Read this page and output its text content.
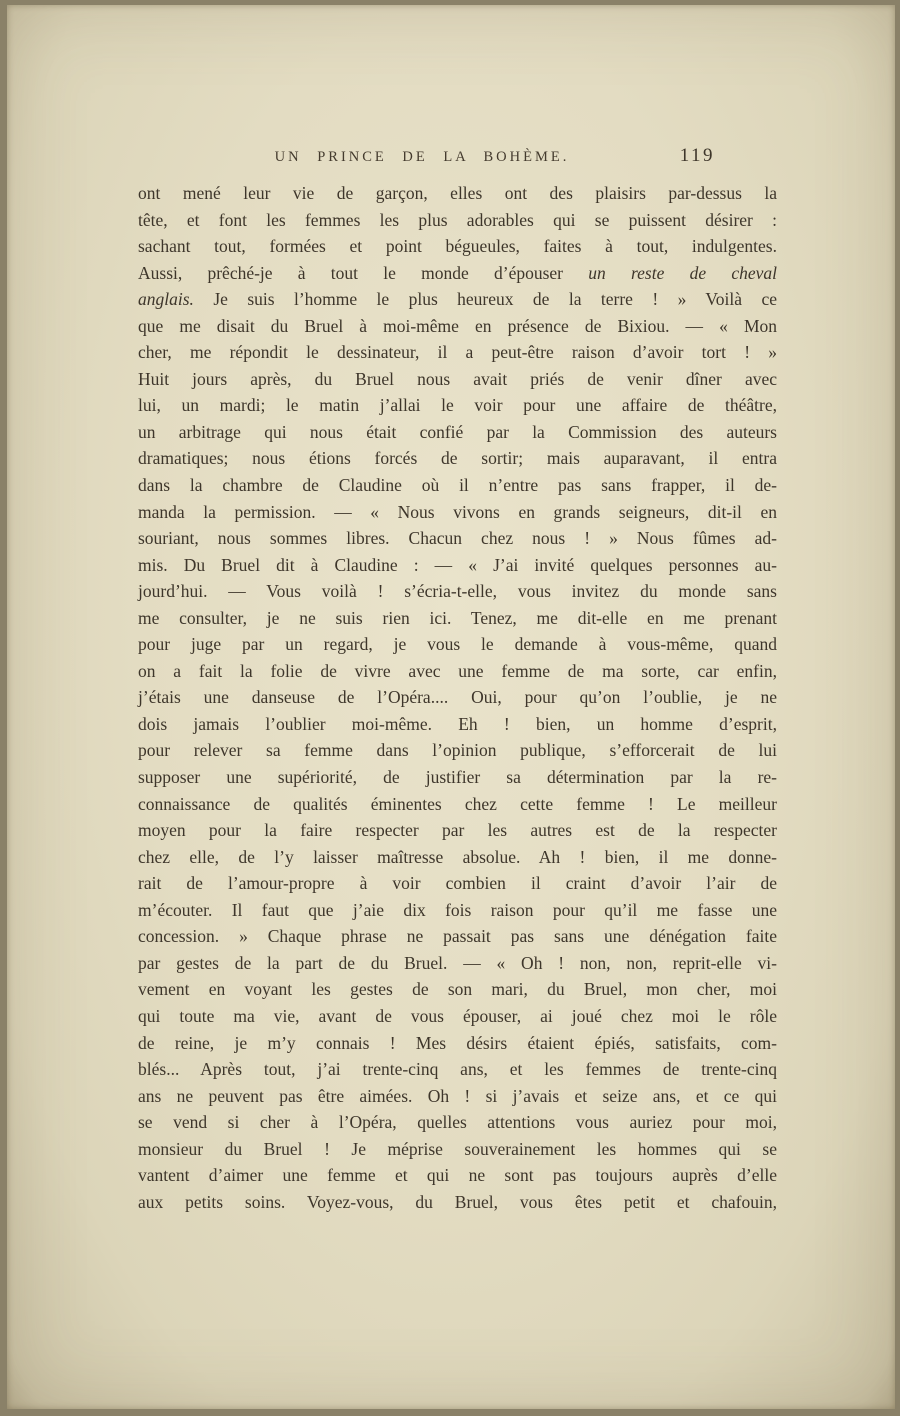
UN PRINCE DE LA BOHÈME.	119
ont mené leur vie de garçon, elles ont des plaisirs par-dessus la
tête, et font les femmes les plus adorables qui se puissent désirer :
sachant tout, formées et point bégueules, faites à tout, indulgentes.
Aussi, prêché-je à tout le monde d’épouser un reste de cheval
anglais. Je suis l’homme le plus heureux de la terre ! » Voilà ce
que me disait du Bruel à moi-même en présence de Bixiou. — « Mon
cher, me répondit le dessinateur, il a peut-être raison d’avoir tort ! »
Huit jours après, du Bruel nous avait priés de venir dîner avec
lui, un mardi; le matin j’allai le voir pour une affaire de théâtre,
un arbitrage qui nous était confié par la Commission des auteurs
dramatiques; nous étions forcés de sortir; mais auparavant, il entra
dans la chambre de Claudine où il n’entre pas sans frapper, il de-
manda la permission. — « Nous vivons en grands seigneurs, dit-il en
souriant, nous sommes libres. Chacun chez nous ! » Nous fûmes ad-
mis. Du Bruel dit à Claudine : — « J’ai invité quelques personnes au-
jourd’hui. — Vous voilà ! s’écria-t-elle, vous invitez du monde sans
me consulter, je ne suis rien ici. Tenez, me dit-elle en me prenant
pour juge par un regard, je vous le demande à vous-même, quand
on a fait la folie de vivre avec une femme de ma sorte, car enfin,
j’étais une danseuse de l’Opéra.... Oui, pour qu’on l’oublie, je ne
dois jamais l’oublier moi-même. Eh ! bien, un homme d’esprit,
pour relever sa femme dans l’opinion publique, s’efforcerait de lui
supposer une supériorité, de justifier sa détermination par la re-
connaissance de qualités éminentes chez cette femme ! Le meilleur
moyen pour la faire respecter par les autres est de la respecter
chez elle, de l’y laisser maîtresse absolue. Ah ! bien, il me donne-
rait de l’amour-propre à voir combien il craint d’avoir l’air de
m’écouter. Il faut que j’aie dix fois raison pour qu’il me fasse une
concession. » Chaque phrase ne passait pas sans une dénégation faite
par gestes de la part de du Bruel. — « Oh ! non, non, reprit-elle vi-
vement en voyant les gestes de son mari, du Bruel, mon cher, moi
qui toute ma vie, avant de vous épouser, ai joué chez moi le rôle
de reine, je m’y connais ! Mes désirs étaient épiés, satisfaits, com-
blés... Après tout, j’ai trente-cinq ans, et les femmes de trente-cinq
ans ne peuvent pas être aimées. Oh ! si j’avais et seize ans, et ce qui
se vend si cher à l’Opéra, quelles attentions vous auriez pour moi,
monsieur du Bruel ! Je méprise souverainement les hommes qui se
vantent d’aimer une femme et qui ne sont pas toujours auprès d’elle
aux petits soins. Voyez-vous, du Bruel, vous êtes petit et chafouin,
